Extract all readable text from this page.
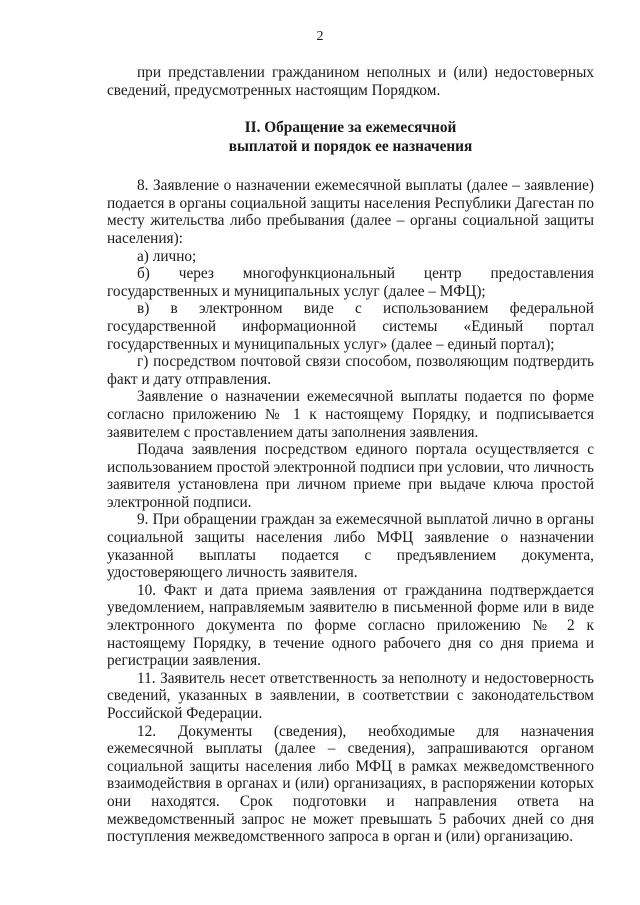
2

при представлении гражданином неполных и (или) недостоверных сведений, предусмотренных настоящим Порядком.

II. Обращение за ежемесячной
выплатой и порядок ее назначения

8. Заявление о назначении ежемесячной выплаты (далее – заявление) подается в органы социальной защиты населения Республики Дагестан по месту жительства либо пребывания (далее – органы социальной защиты населения):

а) лично;

б) через многофункциональный центр предоставления государственных и муниципальных услуг (далее – МФЦ);

в) в электронном виде с использованием федеральной государственной информационной системы «Единый портал государственных и муниципальных услуг» (далее – единый портал);

г) посредством почтовой связи способом, позволяющим подтвердить факт и дату отправления.

Заявление о назначении ежемесячной выплаты подается по форме согласно приложению № 1 к настоящему Порядку, и подписывается заявителем с проставлением даты заполнения заявления.

Подача заявления посредством единого портала осуществляется с использованием простой электронной подписи при условии, что личность заявителя установлена при личном приеме при выдаче ключа простой электронной подписи.

9. При обращении граждан за ежемесячной выплатой лично в органы социальной защиты населения либо МФЦ заявление о назначении указанной выплаты подается с предъявлением документа, удостоверяющего личность заявителя.

10. Факт и дата приема заявления от гражданина подтверждается уведомлением, направляемым заявителю в письменной форме или в виде электронного документа по форме согласно приложению № 2 к настоящему Порядку, в течение одного рабочего дня со дня приема и регистрации заявления.

11. Заявитель несет ответственность за неполноту и недостоверность сведений, указанных в заявлении, в соответствии с законодательством Российской Федерации.

12. Документы (сведения), необходимые для назначения ежемесячной выплаты (далее – сведения), запрашиваются органом социальной защиты населения либо МФЦ в рамках межведомственного взаимодействия в органах и (или) организациях, в распоряжении которых они находятся. Срок подготовки и направления ответа на межведомственный запрос не может превышать 5 рабочих дней со дня поступления межведомственного запроса в орган и (или) организацию.
